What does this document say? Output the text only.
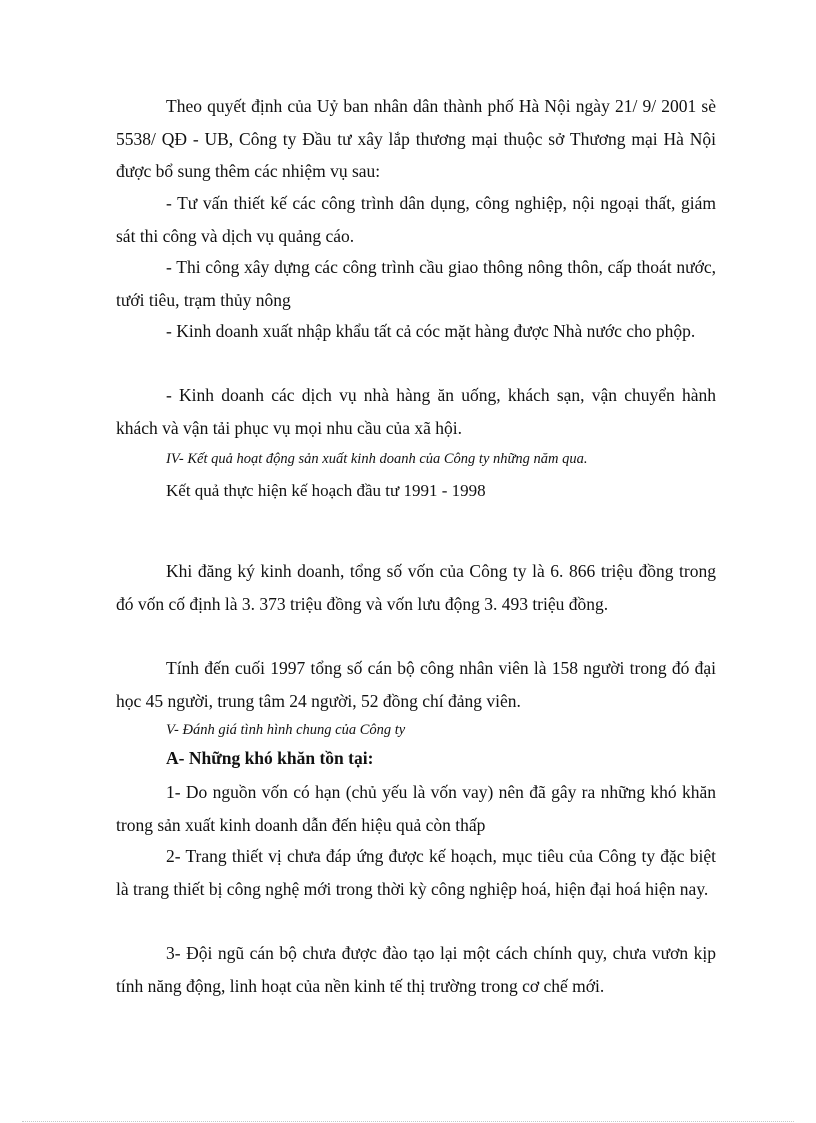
Theo quyết định của Uỷ ban nhân dân thành phố Hà Nội ngày 21/ 9/ 2001 sè 5538/ QĐ - UB, Công ty Đầu tư xây lắp thương mại thuộc sở Thương mại Hà Nội được bổ sung thêm các nhiệm vụ sau:

- Tư vấn thiết kế các công trình dân dụng, công nghiệp, nội ngoại thất, giám sát thi công và dịch vụ quảng cáo.

- Thi công xây dựng các công trình cầu giao thông nông thôn, cấp thoát nước, tưới tiêu, trạm thủy nông

- Kinh doanh xuất nhập khẩu tất cả cóc mặt hàng được Nhà nước cho phộp.

- Kinh doanh các dịch vụ nhà hàng ăn uống, khách sạn, vận chuyển hành khách và vận tải phục vụ mọi nhu cầu của xã hội.

IV- Kết quả hoạt động sản xuất kinh doanh của Công ty những năm qua.

Kết quả thực hiện kế hoạch đầu tư 1991 - 1998

Khi đăng ký kinh doanh, tổng số vốn của Công ty là 6. 866 triệu đồng trong đó vốn cố định là 3. 373 triệu đồng và vốn lưu động 3. 493 triệu đồng.

Tính đến cuối 1997 tổng số cán bộ công nhân viên là 158 người trong đó đại học 45 người, trung tâm 24 người, 52 đồng chí đảng viên.

V- Đánh giá tình hình chung của Công ty

A- Những khó khăn tồn tại:

1- Do nguồn vốn có hạn (chủ yếu là vốn vay) nên đã gây ra những khó khăn trong sản xuất kinh doanh dẫn đến hiệu quả còn thấp

2- Trang thiết vị chưa đáp ứng được kế hoạch, mục tiêu của Công ty đặc biệt là trang thiết bị công nghệ mới trong thời kỳ công nghiệp hoá, hiện đại hoá hiện nay.

3- Đội ngũ cán bộ chưa được đào tạo lại một cách chính quy, chưa vươn kịp tính năng động, linh hoạt của nền kinh tế thị trường trong cơ chế mới.
